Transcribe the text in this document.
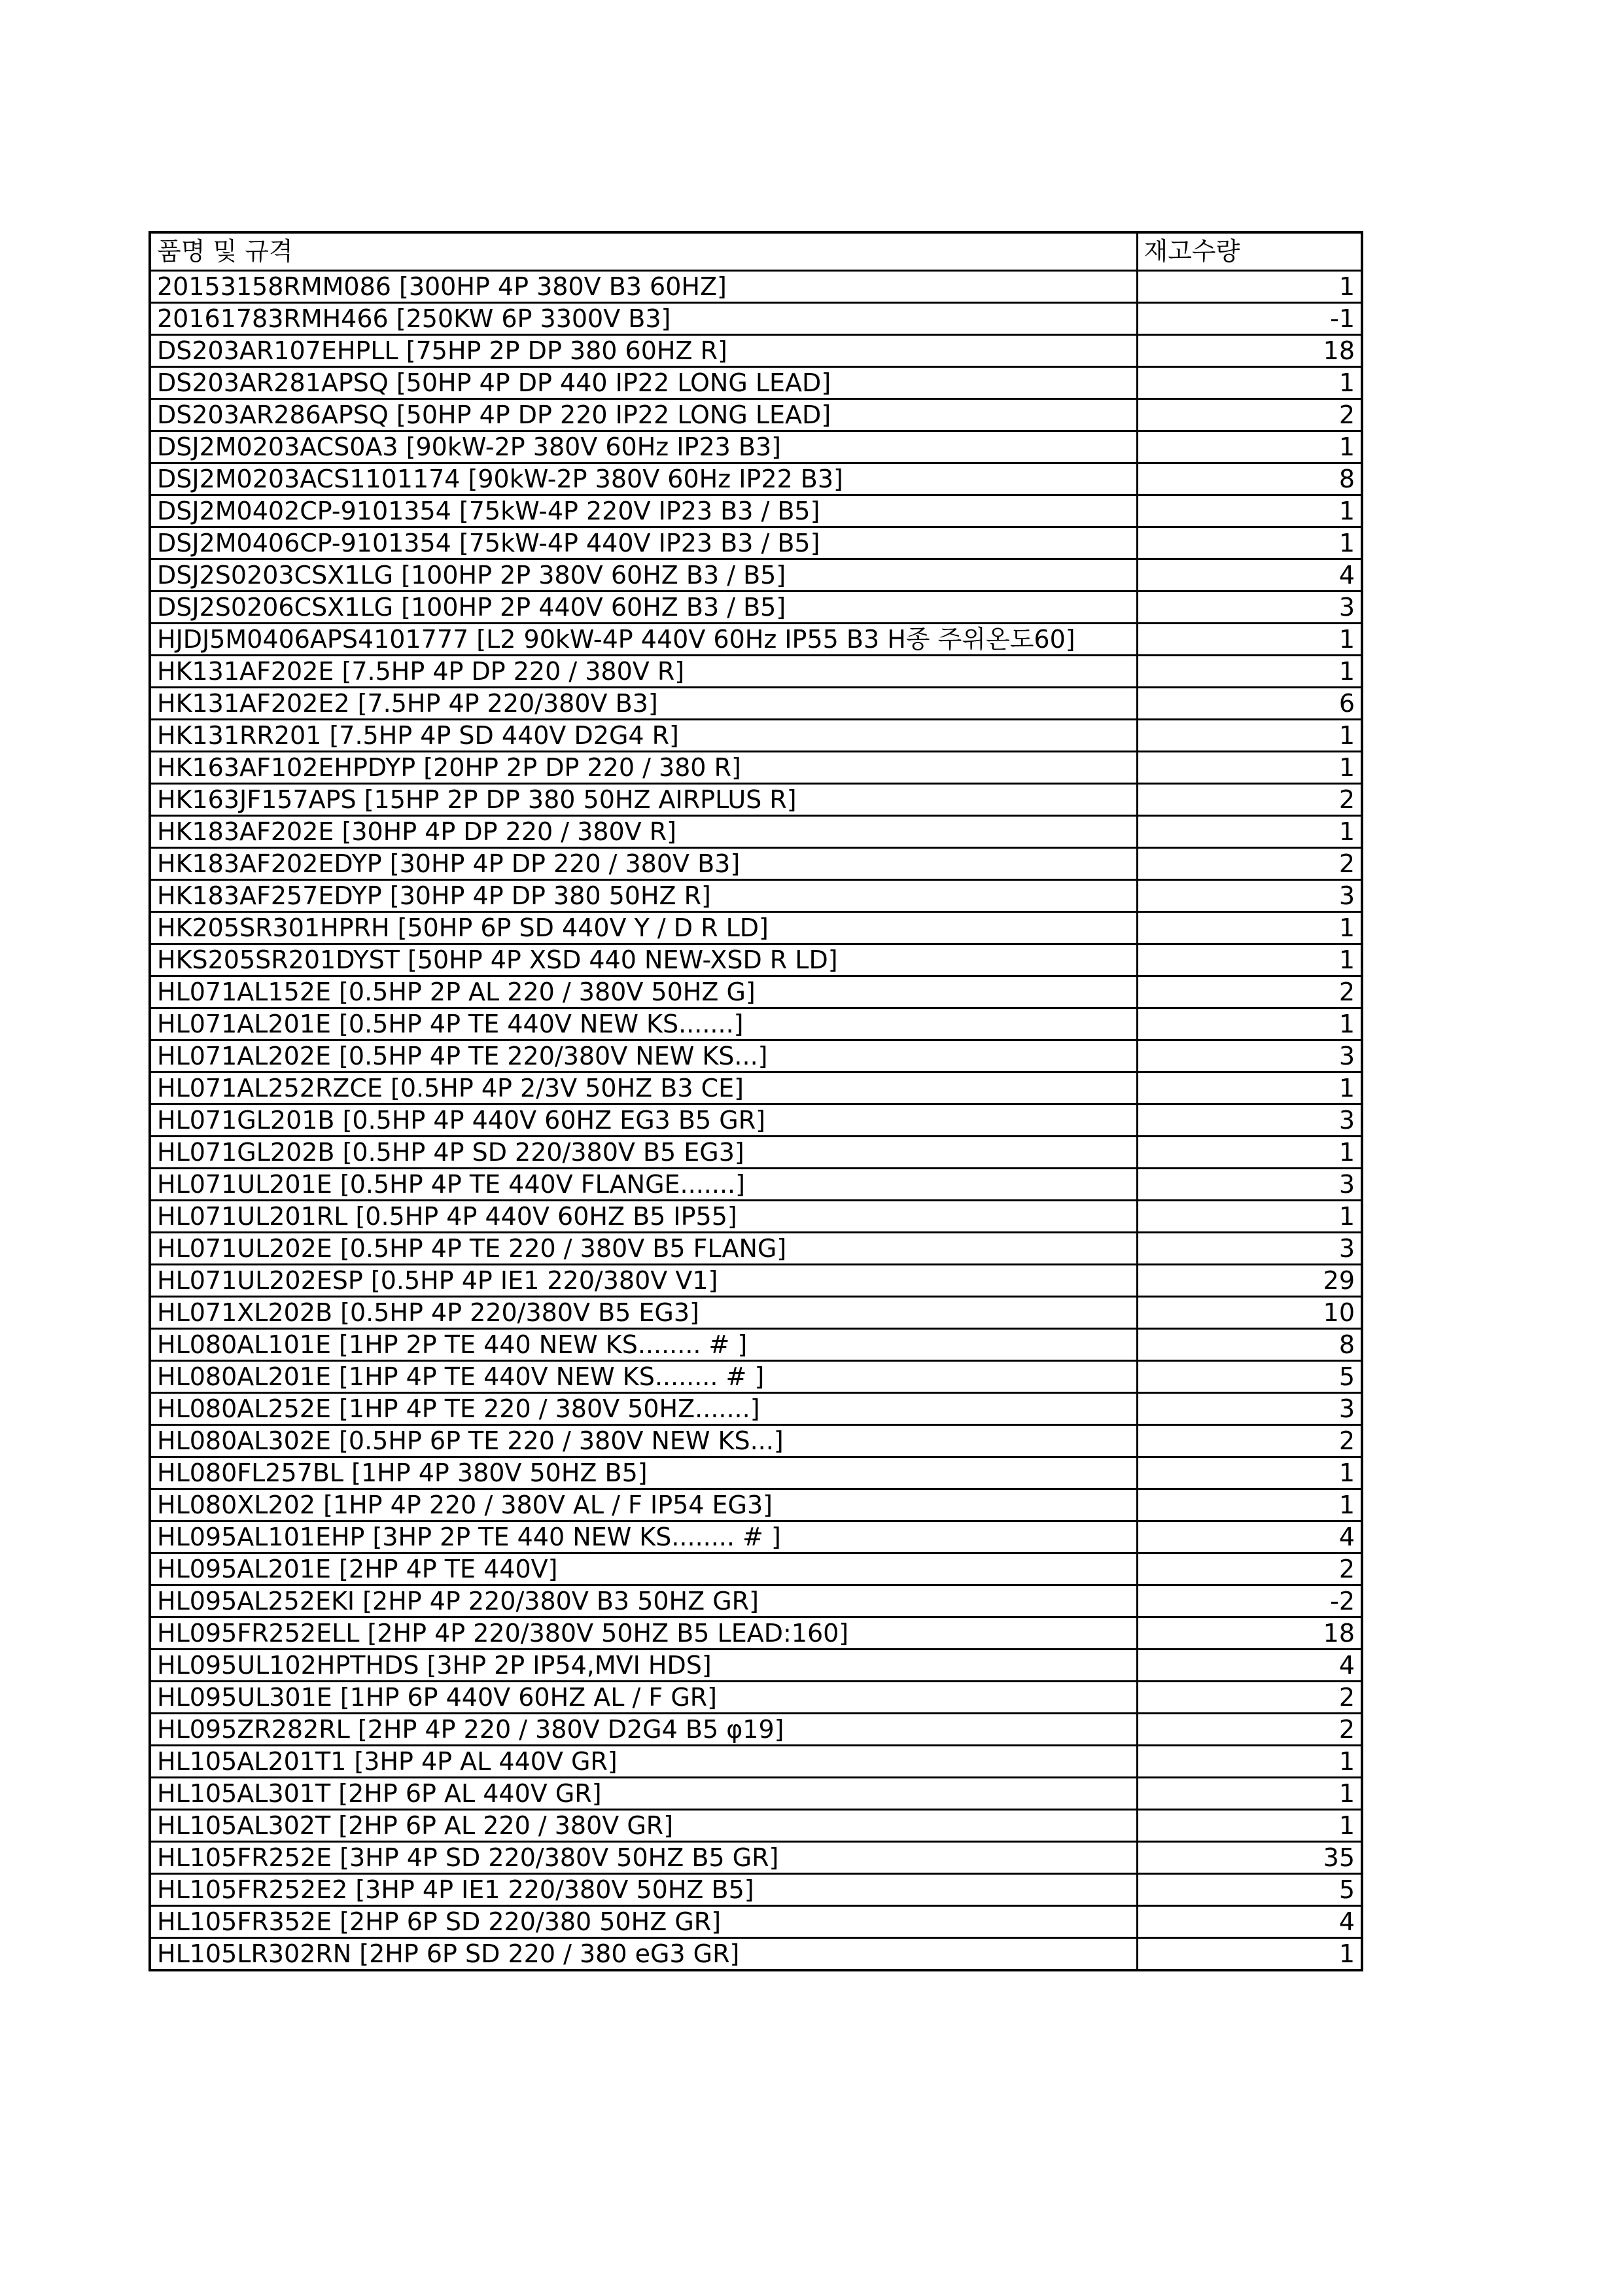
품명 및 규격	재고수량
20153158RMM086 [300HP 4P 380V B3 60HZ]	1
20161783RMH466 [250KW 6P 3300V B3]	-1
DS203AR107EHPLL [75HP 2P DP 380 60HZ R]	18
DS203AR281APSQ [50HP 4P DP 440 IP22 LONG LEAD]	1
DS203AR286APSQ [50HP 4P DP 220 IP22 LONG LEAD]	2
DSJ2M0203ACS0A3 [90kW-2P 380V 60Hz IP23 B3]	1
DSJ2M0203ACS1101174 [90kW-2P 380V 60Hz IP22 B3]	8
DSJ2M0402CP-9101354 [75kW-4P 220V IP23 B3 / B5]	1
DSJ2M0406CP-9101354 [75kW-4P 440V IP23 B3 / B5]	1
DSJ2S0203CSX1LG [100HP 2P 380V 60HZ B3 / B5]	4
DSJ2S0206CSX1LG [100HP 2P 440V 60HZ B3 / B5]	3
HJDJ5M0406APS4101777 [L2 90kW-4P 440V 60Hz IP55 B3 H종 주위온도60]	1
HK131AF202E [7.5HP 4P DP 220 / 380V R]	1
HK131AF202E2 [7.5HP 4P 220/380V B3]	6
HK131RR201 [7.5HP 4P SD 440V D2G4 R]	1
HK163AF102EHPDYP [20HP 2P DP 220 / 380 R]	1
HK163JF157APS [15HP 2P DP 380 50HZ AIRPLUS R]	2
HK183AF202E [30HP 4P DP 220 / 380V R]	1
HK183AF202EDYP [30HP 4P DP 220 / 380V B3]	2
HK183AF257EDYP [30HP 4P DP 380 50HZ R]	3
HK205SR301HPRH [50HP 6P SD 440V Y / D R LD]	1
HKS205SR201DYST [50HP 4P XSD 440 NEW-XSD R LD]	1
HL071AL152E [0.5HP 2P AL 220 / 380V 50HZ G]	2
HL071AL201E [0.5HP 4P TE 440V NEW KS.......]	1
HL071AL202E [0.5HP 4P TE 220/380V NEW KS...]	3
HL071AL252RZCE [0.5HP 4P 2/3V 50HZ B3 CE]	1
HL071GL201B [0.5HP 4P 440V 60HZ EG3 B5 GR]	3
HL071GL202B [0.5HP 4P SD 220/380V B5 EG3]	1
HL071UL201E [0.5HP 4P TE 440V FLANGE.......]	3
HL071UL201RL [0.5HP 4P 440V 60HZ B5 IP55]	1
HL071UL202E [0.5HP 4P TE 220 / 380V B5 FLANG]	3
HL071UL202ESP [0.5HP 4P IE1 220/380V V1]	29
HL071XL202B [0.5HP 4P 220/380V B5 EG3]	10
HL080AL101E [1HP 2P TE 440 NEW KS........ # ]	8
HL080AL201E [1HP 4P TE 440V NEW KS........ # ]	5
HL080AL252E [1HP 4P TE 220 / 380V 50HZ.......]	3
HL080AL302E [0.5HP 6P TE 220 / 380V NEW KS...]	2
HL080FL257BL [1HP 4P 380V 50HZ B5]	1
HL080XL202 [1HP 4P 220 / 380V AL / F IP54 EG3]	1
HL095AL101EHP [3HP 2P TE 440 NEW KS........ # ]	4
HL095AL201E [2HP 4P TE 440V]	2
HL095AL252EKI [2HP 4P 220/380V B3 50HZ GR]	-2
HL095FR252ELL [2HP 4P 220/380V 50HZ B5 LEAD:160]	18
HL095UL102HPTHDS [3HP 2P IP54,MVI HDS]	4
HL095UL301E [1HP 6P 440V 60HZ AL / F GR]	2
HL095ZR282RL [2HP 4P 220 / 380V D2G4 B5 φ19]	2
HL105AL201T1 [3HP 4P AL 440V GR]	1
HL105AL301T [2HP 6P AL 440V GR]	1
HL105AL302T [2HP 6P AL 220 / 380V GR]	1
HL105FR252E [3HP 4P SD 220/380V 50HZ B5 GR]	35
HL105FR252E2 [3HP 4P IE1 220/380V 50HZ B5]	5
HL105FR352E [2HP 6P SD 220/380 50HZ GR]	4
HL105LR302RN [2HP 6P SD 220 / 380 eG3 GR]	1
